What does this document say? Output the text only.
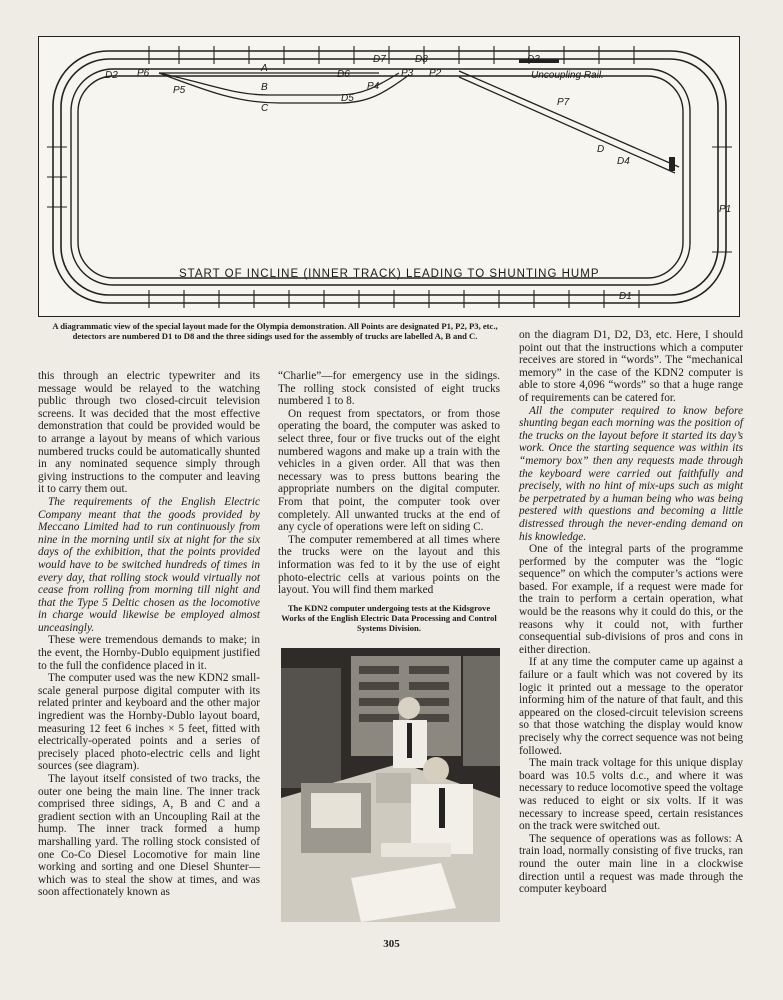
D2 P6
P5
A
B
C
D6
D5
P4
D7	D8
P3 P2
D3
Uncoupling Rail.
P7
D
D4
P1
D1
START OF INCLINE (INNER TRACK) LEADING TO SHUNTING HUMP
A diagrammatic view of the special layout made for the Olympia demonstration. All Points are designated P1, P2, P3, etc., detectors are numbered D1 to D8 and the three sidings used for the assembly of trucks are labelled A, B and C.

this through an electric typewriter and its message would be relayed to the watching public through two closed-circuit television screens. It was decided that the most effective demonstration that could be provided would be to arrange a layout by means of which various numbered trucks could be automatically shunted in any nominated sequence simply through giving instructions to the computer and leaving it to carry them out.

The requirements of the English Electric Company meant that the goods provided by Meccano Limited had to run continuously from nine in the morning until six at night for the six days of the exhibition, that the points provided would have to be switched hundreds of times in every day, that rolling stock would virtually not cease from rolling from morning till night and that the Type 5 Deltic chosen as the locomotive in charge would likewise be employed almost unceasingly.

These were tremendous demands to make; in the event, the Hornby-Dublo equipment justified to the full the confidence placed in it.

The computer used was the new KDN2 small-scale general purpose digital computer with its related printer and keyboard and the other major ingredient was the Hornby-Dublo layout board, measuring 12 feet 6 inches × 5 feet, fitted with electrically-operated points and a series of precisely placed photo-electric cells and light sources (see diagram).

The layout itself consisted of two tracks, the outer one being the main line. The inner track comprised three sidings, A, B and C and a gradient section with an Uncoupling Rail at the hump. The inner track formed a hump marshalling yard. The rolling stock consisted of one Co-Co Diesel Locomotive for main line working and sorting and one Diesel Shunter—which was to steal the show at times, and was soon affectionately known as

“Charlie”—for emergency use in the sidings. The rolling stock consisted of eight trucks numbered 1 to 8.

On request from spectators, or from those operating the board, the computer was asked to select three, four or five trucks out of the eight numbered wagons and make up a train with the vehicles in a given order. All that was then necessary was to press buttons bearing the appropriate numbers on the digital computer. From that point, the computer took over completely. All unwanted trucks at the end of any cycle of operations were left on siding C.

The computer remembered at all times where the trucks were on the layout and this information was fed to it by the use of eight photo-electric cells at various points on the layout. You will find them marked

The KDN2 computer undergoing tests at the Kidsgrove Works of the English Electric Data Processing and Control Systems Division.

on the diagram D1, D2, D3, etc. Here, I should point out that the instructions which a computer receives are stored in “words”. The “mechanical memory” in the case of the KDN2 computer is able to store 4,096 “words” so that a huge range of requirements can be catered for.

All the computer required to know before shunting began each morning was the position of the trucks on the layout before it started its day’s work. Once the starting sequence was within its “memory box” then any requests made through the keyboard were carried out faithfully and precisely, with no hint of mix-ups such as might be perpetrated by a human being who was being pestered with questions and becoming a little distressed through the never-ending demand on his knowledge.

One of the integral parts of the programme performed by the computer was the “logic sequence” on which the computer’s actions were based. For example, if a request were made for the train to perform a certain operation, what would be the reasons why it could do this, or the reasons why it could not, with further consequential sub-divisions of pros and cons in either direction.

If at any time the computer came up against a failure or a fault which was not covered by its logic it printed out a message to the operator informing him of the nature of that fault, and this appeared on the closed-circuit television screens so that those watching the display would know precisely why the correct sequence was not being followed.

The main track voltage for this unique display board was 10.5 volts d.c., and where it was necessary to reduce locomotive speed the voltage was reduced to eight or six volts. If it was necessary to increase speed, certain resistances on the track were switched out.

The sequence of operations was as follows: A train load, normally consisting of five trucks, ran round the outer main line in a clockwise direction until a request was made through the computer keyboard

305
